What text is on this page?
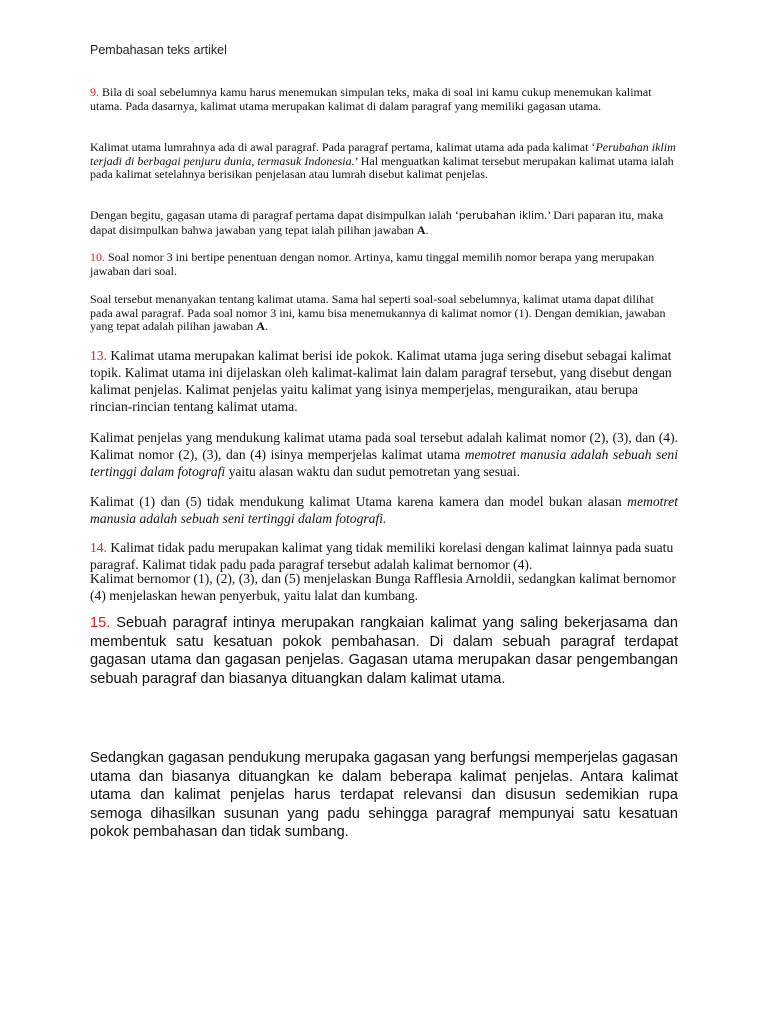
Pembahasan teks artikel

9. Bila di soal sebelumnya kamu harus menemukan simpulan teks, maka di soal ini kamu cukup menemukan kalimat utama. Pada dasarnya, kalimat utama merupakan kalimat di dalam paragraf yang memiliki gagasan utama.

Kalimat utama lumrahnya ada di awal paragraf. Pada paragraf pertama, kalimat utama ada pada kalimat ‘Perubahan iklim terjadi di berbagai penjuru dunia, termasuk Indonesia.’ Hal menguatkan kalimat tersebut merupakan kalimat utama ialah pada kalimat setelahnya berisikan penjelasan atau lumrah disebut kalimat penjelas.

Dengan begitu, gagasan utama di paragraf pertama dapat disimpulkan ialah ‘perubahan iklim.’ Dari paparan itu, maka dapat disimpulkan bahwa jawaban yang tepat ialah pilihan jawaban A.

10. Soal nomor 3 ini bertipe penentuan dengan nomor. Artinya, kamu tinggal memilih nomor berapa yang merupakan jawaban dari soal.

Soal tersebut menanyakan tentang kalimat utama. Sama hal seperti soal-soal sebelumnya, kalimat utama dapat dilihat pada awal paragraf. Pada soal nomor 3 ini, kamu bisa menemukannya di kalimat nomor (1). Dengan demikian, jawaban yang tepat adalah pilihan jawaban A.

13. Kalimat utama merupakan kalimat berisi ide pokok. Kalimat utama juga sering disebut sebagai kalimat topik. Kalimat utama ini dijelaskan oleh kalimat-kalimat lain dalam paragraf tersebut, yang disebut dengan kalimat penjelas. Kalimat penjelas yaitu kalimat yang isinya memperjelas, menguraikan, atau berupa rincian-rincian tentang kalimat utama.

Kalimat penjelas yang mendukung kalimat utama pada soal tersebut adalah kalimat nomor (2), (3), dan (4). Kalimat nomor (2), (3), dan (4) isinya memperjelas kalimat utama memotret manusia adalah sebuah seni tertinggi dalam fotografi yaitu alasan waktu dan sudut pemotretan yang sesuai.

Kalimat (1) dan (5) tidak mendukung kalimat Utama karena kamera dan model bukan alasan memotret manusia adalah sebuah seni tertinggi dalam fotografi.

14. Kalimat tidak padu merupakan kalimat yang tidak memiliki korelasi dengan kalimat lainnya pada suatu paragraf. Kalimat tidak padu pada paragraf tersebut adalah kalimat bernomor (4).

Kalimat bernomor (1), (2), (3), dan (5) menjelaskan Bunga Rafflesia Arnoldii, sedangkan kalimat bernomor (4) menjelaskan hewan penyerbuk, yaitu lalat dan kumbang.

15. Sebuah paragraf intinya merupakan rangkaian kalimat yang saling bekerjasama dan membentuk satu kesatuan pokok pembahasan. Di dalam sebuah paragraf terdapat gagasan utama dan gagasan penjelas. Gagasan utama merupakan dasar pengembangan sebuah paragraf dan biasanya dituangkan dalam kalimat utama.

Sedangkan gagasan pendukung merupaka gagasan yang berfungsi memperjelas gagasan utama dan biasanya dituangkan ke dalam beberapa kalimat penjelas. Antara kalimat utama dan kalimat penjelas harus terdapat relevansi dan disusun sedemikian rupa semoga dihasilkan susunan yang padu sehingga paragraf mempunyai satu kesatuan pokok pembahasan dan tidak sumbang.
